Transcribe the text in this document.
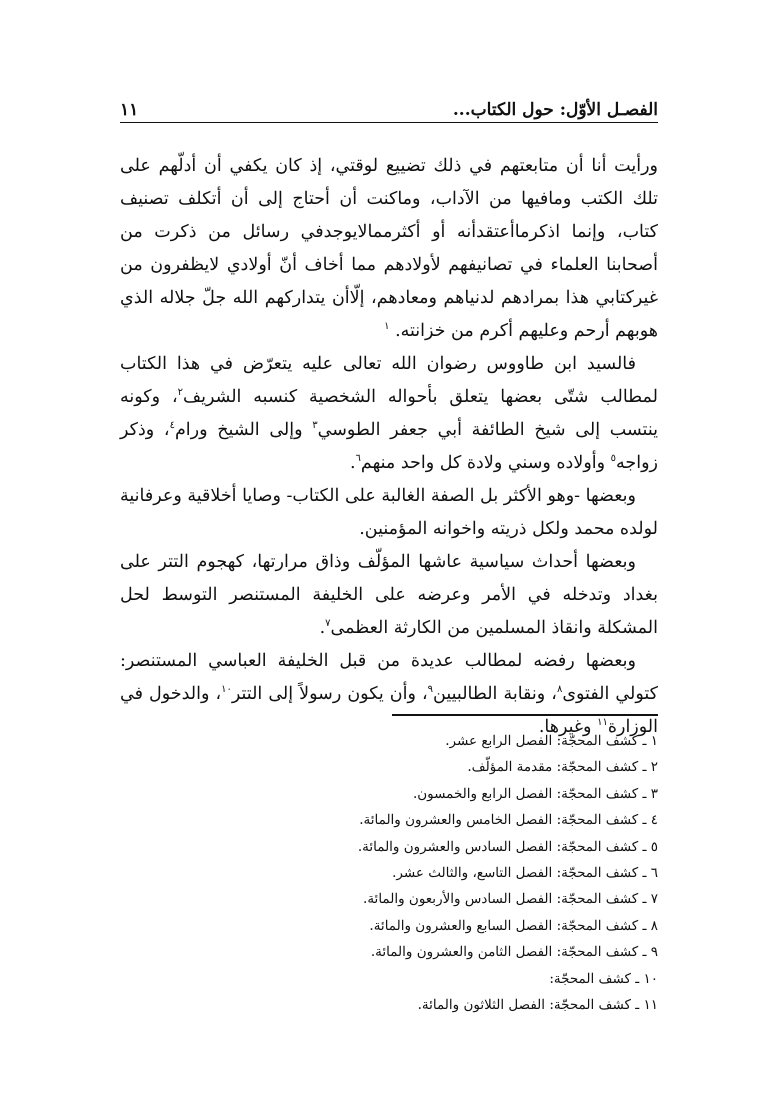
الفصـل الأوّل: حول الكتاب...
١١

ورأيت أنا أن متابعتهم في ذلك تضييع لوقتي، إذ كان يكفي أن أدلّهم على تلك الكتب ومافيها من الآداب، وماكنت أن أحتاج إلى أن أتكلف تصنيف كتاب، وإنما اذكرماأعتقدأنه أو أكثرممالايوجدفي رسائل من ذكرت من أصحابنا العلماء في تصانيفهم لأولادهم مما أخاف أنّ أولادي لايظفرون من غيركتابي هذا بمرادهم لدنياهم ومعادهم، إلّاأن يتداركهم الله جلّ جلاله الذي هوبهم أرحم وعليهم أكرم من خزانته. $^١$

فالسيد ابن طاووس رضوان الله تعالى عليه يتعرّض في هذا الكتاب لمطالب شتّى بعضها يتعلق بأحواله الشخصية كنسبه الشريف$^٢$، وكونه ينتسب إلى شيخ الطائفة أبي جعفر الطوسي$^٣$ وإلى الشيخ ورام$^٤$، وذكر زواجه$^٥$ وأولاده وسني ولادة كل واحد منهم$^٦$.

وبعضها -وهو الأكثر بل الصفة الغالبة على الكتاب- وصايا أخلاقية وعرفانية لولده محمد ولكل ذريته واخوانه المؤمنين.

وبعضها أحداث سياسية عاشها المؤلّف وذاق مرارتها، كهجوم التتر على بغداد وتدخله في الأمر وعرضه على الخليفة المستنصر التوسط لحل المشكلة وانقاذ المسلمين من الكارثة العظمى$^٧$.

وبعضها رفضه لمطالب عديدة من قبل الخليفة العباسي المستنصر: كتولي الفتوى$^٨$، ونقابة الطالبيين$^٩$، وأن يكون رسولاً إلى التتر$^{١٠}$، والدخول في الوزارة$^{١١}$ وغيرها.

١ ـ كشف المحجّة: الفصل الرابع عشر.
٢ ـ كشف المحجّة: مقدمة المؤلّف.
٣ ـ كشف المحجّة: الفصل الرابع والخمسون.
٤ ـ كشف المحجّة: الفصل الخامس والعشرون والمائة.
٥ ـ كشف المحجّة: الفصل السادس والعشرون والمائة.
٦ ـ كشف المحجّة: الفصل التاسع، والثالث عشر.
٧ ـ كشف المحجّة: الفصل السادس والأربعون والمائة.
٨ ـ كشف المحجّة: الفصل السابع والعشرون والمائة.
٩ ـ كشف المحجّة: الفصل الثامن والعشرون والمائة.
١٠ ـ كشف المحجّة:
١١ ـ كشف المحجّة: الفصل الثلاثون والمائة.
